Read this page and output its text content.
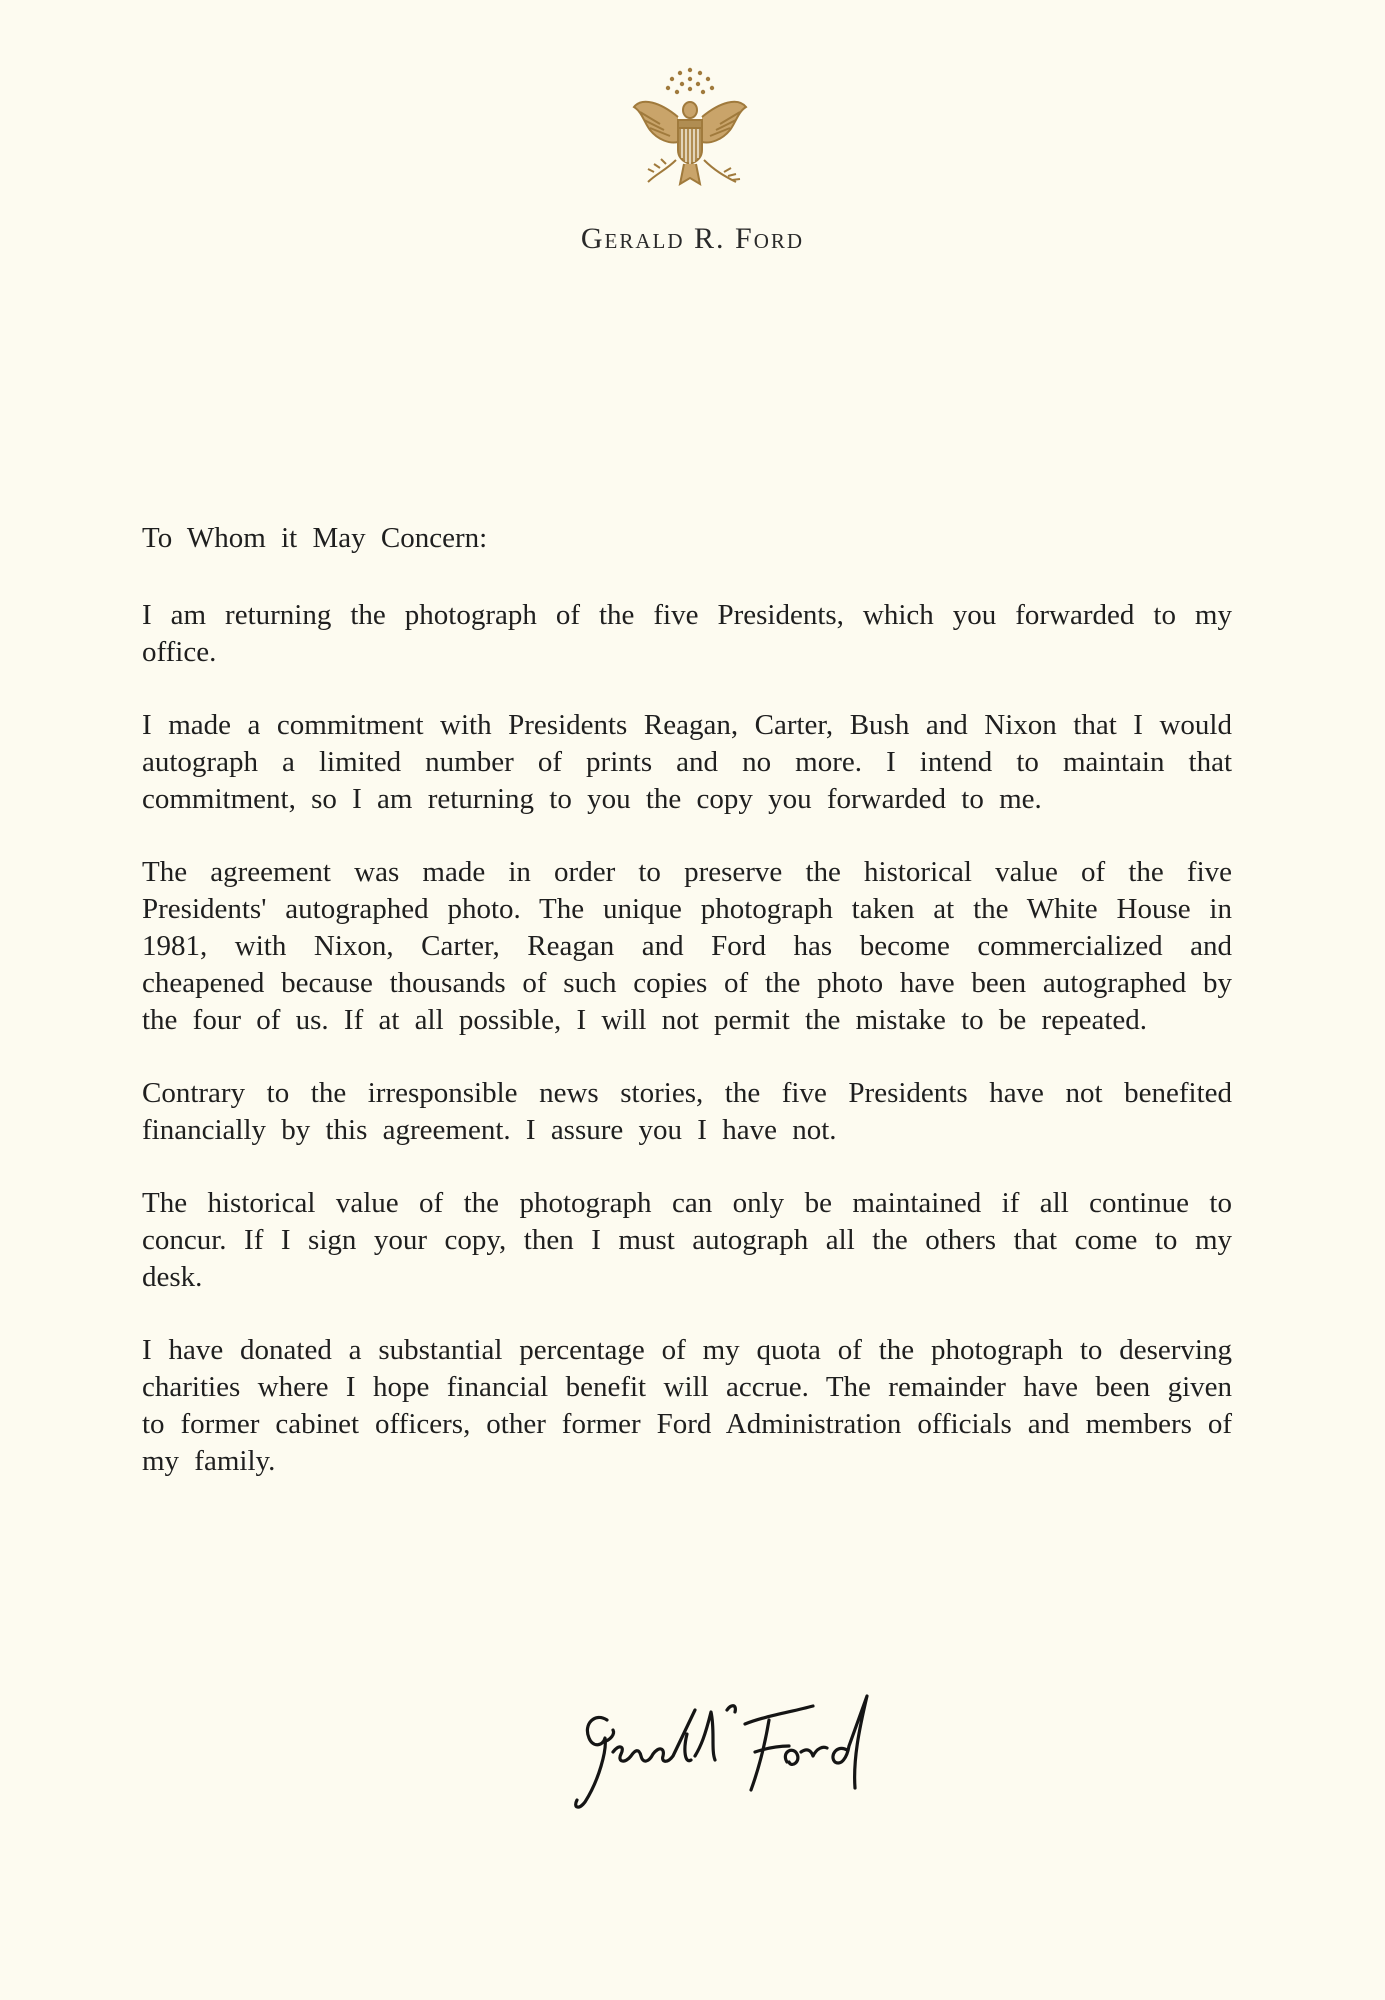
Gerald R. Ford

To Whom it May Concern:

I am returning the photograph of the five Presidents, which you forwarded to my office.

I made a commitment with Presidents Reagan, Carter, Bush and Nixon that I would autograph a limited number of prints and no more. I intend to maintain that commitment, so I am returning to you the copy you forwarded to me.

The agreement was made in order to preserve the historical value of the five Presidents' autographed photo. The unique photograph taken at the White House in 1981, with Nixon, Carter, Reagan and Ford has become commercialized and cheapened because thousands of such copies of the photo have been autographed by the four of us. If at all possible, I will not permit the mistake to be repeated.

Contrary to the irresponsible news stories, the five Presidents have not benefited financially by this agreement. I assure you I have not.

The historical value of the photograph can only be maintained if all continue to concur. If I sign your copy, then I must autograph all the others that come to my desk.

I have donated a substantial percentage of my quota of the photograph to deserving charities where I hope financial benefit will accrue. The remainder have been given to former cabinet officers, other former Ford Administration officials and members of my family.
